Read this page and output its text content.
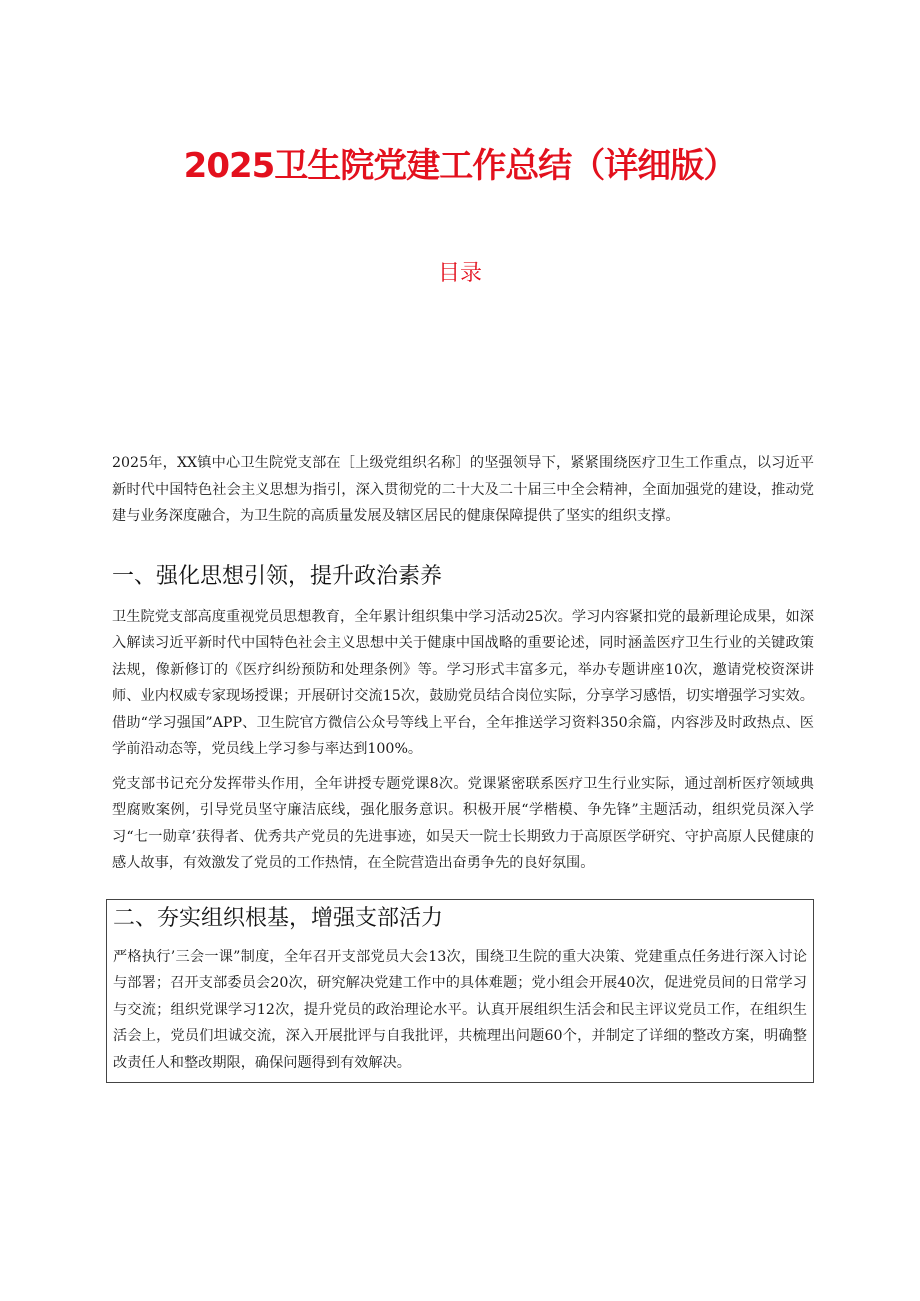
2025卫生院党建工作总结（详细版）
目录

2025年，XX镇中心卫生院党支部在［上级党组织名称］的坚强领导下，紧紧围绕医疗卫生工作重点，以习近平新时代中国特色社会主义思想为指引，深入贯彻党的二十大及二十届三中全会精神，全面加强党的建设，推动党建与业务深度融合，为卫生院的高质量发展及辖区居民的健康保障提供了坚实的组织支撑。

一、强化思想引领，提升政治素养

卫生院党支部高度重视党员思想教育，全年累计组织集中学习活动25次。学习内容紧扣党的最新理论成果，如深入解读习近平新时代中国特色社会主义思想中关于健康中国战略的重要论述，同时涵盖医疗卫生行业的关键政策法规，像新修订的《医疗纠纷预防和处理条例》等。学习形式丰富多元，举办专题讲座10次，邀请党校资深讲师、业内权威专家现场授课；开展研讨交流15次，鼓励党员结合岗位实际，分享学习感悟，切实增强学习实效。借助“学习强国”APP、卫生院官方微信公众号等线上平台，全年推送学习资料350余篇，内容涉及时政热点、医学前沿动态等，党员线上学习参与率达到100%。

党支部书记充分发挥带头作用，全年讲授专题党课8次。党课紧密联系医疗卫生行业实际，通过剖析医疗领域典型腐败案例，引导党员坚守廉洁底线，强化服务意识。积极开展“学楷模、争先锋”主题活动，组织党员深入学习“七一勋章’获得者、优秀共产党员的先进事迹，如吴天一院士长期致力于高原医学研究、守护高原人民健康的感人故事，有效激发了党员的工作热情，在全院营造出奋勇争先的良好氛围。

二、夯实组织根基，增强支部活力

严格执行’三会一课”制度，全年召开支部党员大会13次，围绕卫生院的重大决策、党建重点任务进行深入讨论与部署；召开支部委员会20次，研究解决党建工作中的具体难题；党小组会开展40次，促进党员间的日常学习与交流；组织党课学习12次，提升党员的政治理论水平。认真开展组织生活会和民主评议党员工作，在组织生活会上，党员们坦诚交流，深入开展批评与自我批评，共梳理出问题60个，并制定了详细的整改方案，明确整改责任人和整改期限，确保问题得到有效解决。
